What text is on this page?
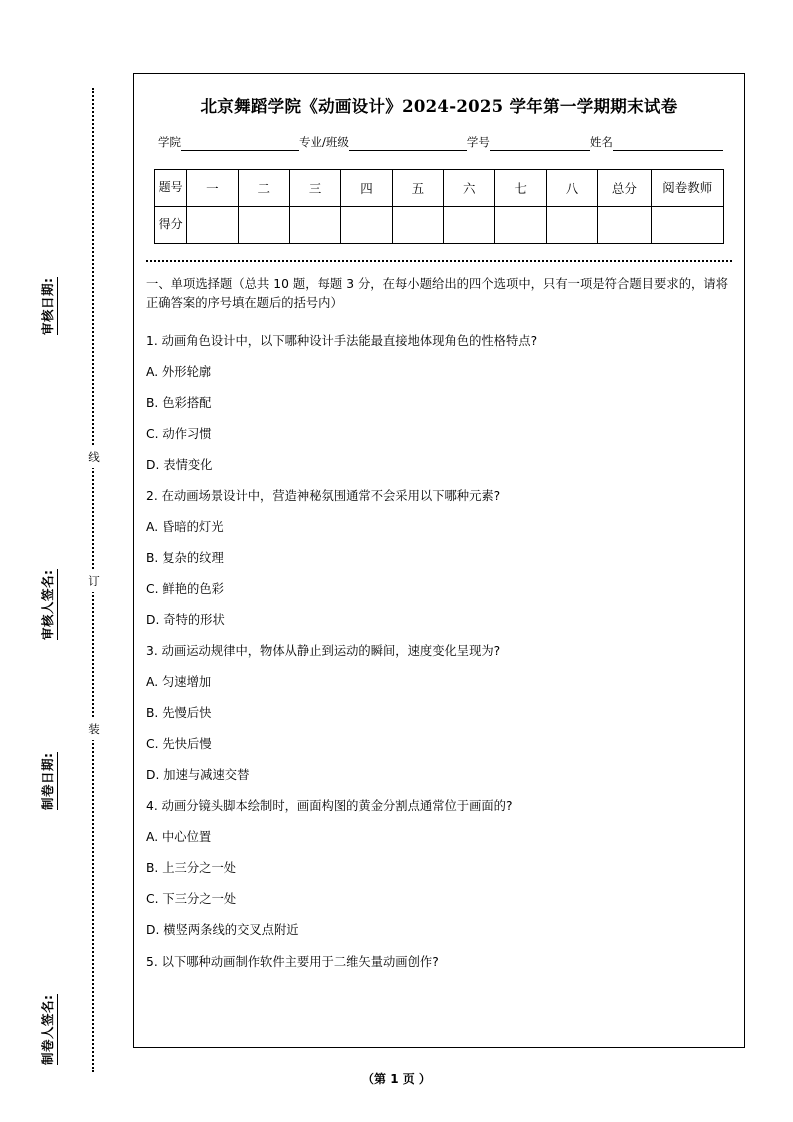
审核日期:
审核人签名:
制卷日期:
制卷人签名:
线
订
装
北京舞蹈学院《动画设计》2024‑2025 学年第一学期期末试卷
学院	专业/班级	学号	姓名
题号	一	二	三	四	五	六	七	八	总分	阅卷教师
得分										
一、单项选择题（总共 10 题，每题 3 分，在每小题给出的四个选项中，只有一项是符合题目要求的，请将正确答案的序号填在题后的括号内）
1. 动画角色设计中，以下哪种设计手法能最直接地体现角色的性格特点?
A. 外形轮廓
B. 色彩搭配
C. 动作习惯
D. 表情变化
2. 在动画场景设计中，营造神秘氛围通常不会采用以下哪种元素?
A. 昏暗的灯光
B. 复杂的纹理
C. 鲜艳的色彩
D. 奇特的形状
3. 动画运动规律中，物体从静止到运动的瞬间，速度变化呈现为?
A. 匀速增加
B. 先慢后快
C. 先快后慢
D. 加速与减速交替
4. 动画分镜头脚本绘制时，画面构图的黄金分割点通常位于画面的?
A. 中心位置
B. 上三分之一处
C. 下三分之一处
D. 横竖两条线的交叉点附近
5. 以下哪种动画制作软件主要用于二维矢量动画创作?
（第 1 页 ）
